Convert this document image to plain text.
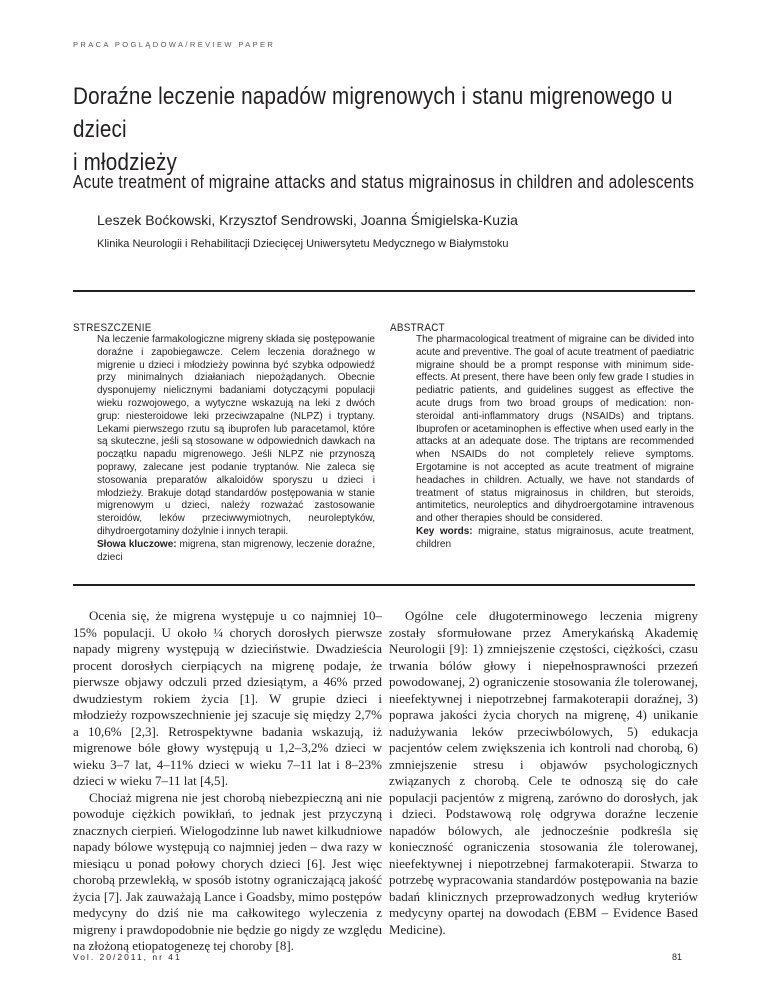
PRACA POGLĄDOWA/REVIEW PAPER
Doraźne leczenie napadów migrenowych i stanu migrenowego u dzieci
i młodzieży
Acute treatment of migraine attacks and status migrainosus in children and adolescents
Leszek Boćkowski, Krzysztof Sendrowski, Joanna Śmigielska-Kuzia
Klinika Neurologii i Rehabilitacji Dziecięcej Uniwersytetu Medycznego w Białymstoku
STRESZCZENIE
Na leczenie farmakologiczne migreny składa się postępowanie doraźne i zapobiegawcze. Celem leczenia doraźnego w migrenie u dzieci i młodzieży powinna być szybka odpowiedź przy minimalnych działaniach niepożądanych. Obecnie dysponujemy nielicznymi badaniami dotyczącymi populacji wieku rozwojowego, a wytyczne wskazują na leki z dwóch grup: niesteroidowe leki przeciwzapalne (NLPZ) i tryptany. Lekami pierwszego rzutu są ibuprofen lub paracetamol, które są skuteczne, jeśli są stosowane w odpowiednich dawkach na początku napadu migrenowego. Jeśli NLPZ nie przynoszą poprawy, zalecane jest podanie tryptanów. Nie zaleca się stosowania preparatów alkaloidów sporyszu u dzieci i młodzieży. Brakuje dotąd standardów postępowania w stanie migrenowym u dzieci, należy rozważać zastosowanie steroidów, leków przeciwwymiotnych, neuroleptyków, dihydroergotaminy dożylnie i innych terapii.
Słowa kluczowe: migrena, stan migrenowy, leczenie doraźne, dzieci
ABSTRACT
The pharmacological treatment of migraine can be divided into acute and preventive. The goal of acute treatment of paediatric migraine should be a prompt response with minimum side-effects. At present, there have been only few grade I studies in pediatric patients, and guidelines suggest as effective the acute drugs from two broad groups of medication: non-steroidal anti-inflammatory drugs (NSAIDs) and triptans. Ibuprofen or acetaminophen is effective when used early in the attacks at an adequate dose. The triptans are recommended when NSAIDs do not completely relieve symptoms. Ergotamine is not accepted as acute treatment of migraine headaches in children. Actually, we have not standards of treatment of status migrainosus in children, but steroids, antimitetics, neuroleptics and dihydroergotamine intravenous and other therapies should be considered.
Key words: migraine, status migrainosus, acute treatment, children

Ocenia się, że migrena występuje u co najmniej 10–15% populacji. U około ¼ chorych dorosłych pierwsze napady migreny występują w dzieciństwie. Dwadzieścia procent dorosłych cierpiących na migrenę podaje, że pierwsze objawy odczuli przed dziesiątym, a 46% przed dwudziestym rokiem życia [1]. W grupie dzieci i młodzieży rozpowszechnienie jej szacuje się między 2,7% a 10,6% [2,3]. Retrospektywne badania wskazują, iż migrenowe bóle głowy występują u 1,2–3,2% dzieci w wieku 3–7 lat, 4–11% dzieci w wieku 7–11 lat i 8–23% dzieci w wieku 7–11 lat [4,5].

Chociaż migrena nie jest chorobą niebezpieczną ani nie powoduje ciężkich powikłań, to jednak jest przyczyną znacznych cierpień. Wielogodzinne lub nawet kilkudniowe napady bólowe występują co najmniej jeden – dwa razy w miesiącu u ponad połowy chorych dzieci [6]. Jest więc chorobą przewlekłą, w sposób istotny ograniczającą jakość życia [7]. Jak zauważają Lance i Goadsby, mimo postępów medycyny do dziś nie ma całkowitego wyleczenia z migreny i prawdopodobnie nie będzie go nigdy ze względu na złożoną etiopatogenezę tej choroby [8].

Ogólne cele długoterminowego leczenia migreny zostały sformułowane przez Amerykańską Akademię Neurologii [9]: 1) zmniejszenie częstości, ciężkości, czasu trwania bólów głowy i niepełnosprawności przezeń powodowanej, 2) ograniczenie stosowania źle tolerowanej, nieefektywnej i niepotrzebnej farmakoterapii doraźnej, 3) poprawa jakości życia chorych na migrenę, 4) unikanie nadużywania leków przeciwbólowych, 5) edukacja pacjentów celem zwiększenia ich kontroli nad chorobą, 6) zmniejszenie stresu i objawów psychologicznych związanych z chorobą. Cele te odnoszą się do całe populacji pacjentów z migreną, zarówno do dorosłych, jak i dzieci. Podstawową rolę odgrywa doraźne leczenie napadów bólowych, ale jednocześnie podkreśla się konieczność ograniczenia stosowania źle tolerowanej, nieefektywnej i niepotrzebnej farmakoterapii. Stwarza to potrzebę wypracowania standardów postępowania na bazie badań klinicznych przeprowadzonych według kryteriów medycyny opartej na dowodach (EBM – Evidence Based Medicine).

Vol. 20/2011, nr 41	81
